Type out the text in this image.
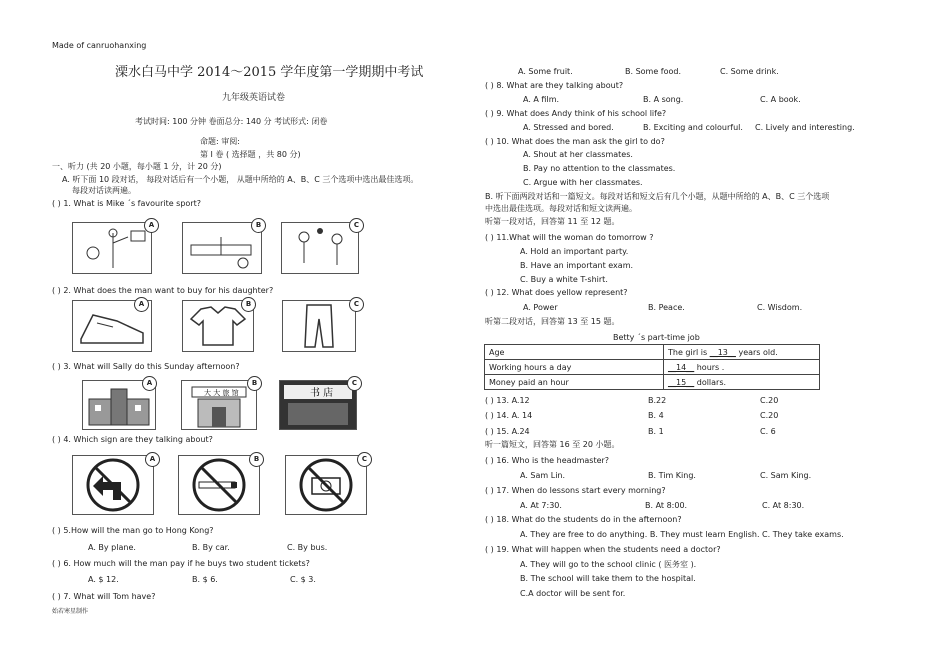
Made of canruohanxing
溧水白马中学 2014～2015 学年度第一学期期中考试
九年级英语试卷
考试时间: 100 分钟 卷面总分: 140 分 考试形式: 闭卷
命题: 审阅:
第 I 卷 ( 选择题 ，共 80 分)
一、听力 (共 20 小题，每小题 1 分，计 20 分)
A. 听下面 10 段对话， 每段对话后有一个小题， 从题中所给的 A、B、C 三个选项中选出最佳选项。
每段对话读两遍。
( ) 1. What is Mike ΄s favourite sport?
A	B	C
( ) 2. What does the man want to buy for his daughter?
A	B	C
( ) 3. What will Sally do this Sunday afternoon?
A
大 大 旅 馆
B
书 店
C
( ) 4. Which sign are they talking about?
A	B	C
( ) 5.How will the man go to Hong Kong?
A. By plane.	B. By car.	C. By bus.
( ) 6. How much will the man pay if he buys two student tickets?
A. $ 12.	B. $ 6.	C. $ 3.
( ) 7. What will Tom have?
始若寒星制作
A. Some fruit.	B. Some food.	C. Some drink.
( ) 8. What are they talking about?
A. A film.	B. A song.	C. A book.
( ) 9. What does Andy think of his school life?
A. Stressed and bored.	B. Exciting and colourful. C. Lively and interesting.
( ) 10. What does the man ask the girl to do?
A. Shout at her classmates.
B. Pay no attention to the classmates.
C. Argue with her classmates.
B. 听下面两段对话和一篇短文。每段对话和短文后有几个小题，从题中所给的 A、B、C 三个选项
中选出最佳选项。每段对话和短文读两遍。
听第一段对话，回答第 11 至 12 题。
( ) 11.What will the woman do tomorrow ?
A. Hold an important party.
B. Have an important exam.
C. Buy a white T-shirt.
( ) 12. What does yellow represent?
A. Power	B. Peace.	C. Wisdom.
听第二段对话，回答第 13 至 15 题。
Betty ΄s part-time job
Age	The girl is __13__ years old.
Working hours a day	__14__ hours .
Money paid an hour	__15__ dollars.
( ) 13. A.12	B.22	C.20
( ) 14. A. 14	B. 4	C.20
( ) 15. A.24	B. 1	C. 6
听一篇短文，回答第 16 至 20 小题。
( ) 16. Who is the headmaster?
A. Sam Lin.	B. Tim King.	C. Sam King.
( ) 17. When do lessons start every morning?
A. At 7:30.	B. At 8:00.	C. At 8:30.
( ) 18. What do the students do in the afternoon?
A. They are free to do anything. B. They must learn English. C. They take exams.
( ) 19. What will happen when the students need a doctor?
A. They will go to the school clinic ( 医务室 ).
B. The school will take them to the hospital.
C.A doctor will be sent for.
